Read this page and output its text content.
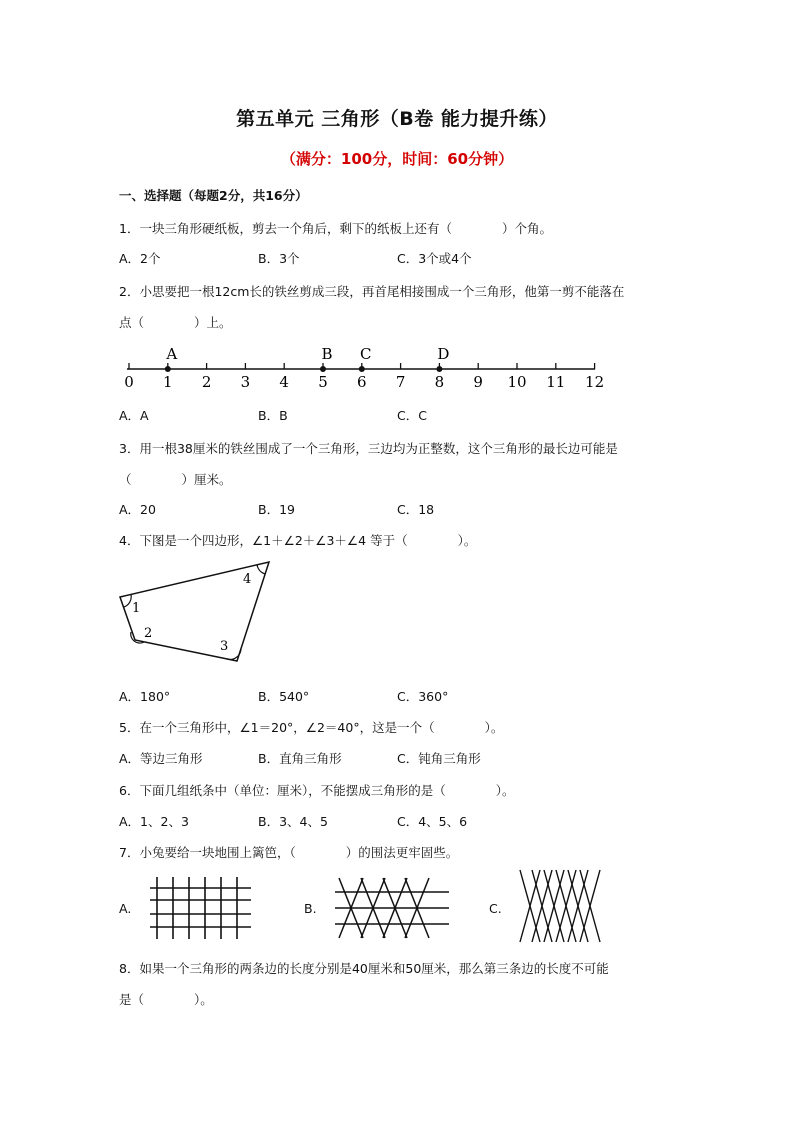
第五单元 三角形（B卷 能力提升练）
（满分：100分，时间：60分钟）
一、选择题（每题2分，共16分）
1．一块三角形硬纸板，剪去一个角后，剩下的纸板上还有（　　　　）个角。
A．2个	B．3个	C．3个或4个
2．小思要把一根12cm长的铁丝剪成三段，再首尾相接围成一个三角形，他第一剪不能落在
点（　　　　）上。
0 1 2 3 4 5 6 7 8 9 10 11 12
A	B C	D
A．A	B．B	C．C
3．用一根38厘米的铁丝围成了一个三角形，三边均为正整数，这个三角形的最长边可能是
（　　　　）厘米。
A．20	B．19	C．18
4．下图是一个四边形，∠1＋∠2＋∠3＋∠4 等于（　　　　）。
1
2
3
4
A．180°	B．540°	C．360°
5．在一个三角形中，∠1＝20°，∠2＝40°，这是一个（　　　　）。
A．等边三角形	B．直角三角形	C．钝角三角形
6．下面几组纸条中（单位：厘米），不能摆成三角形的是（　　　　）。
A．1、2、3	B．3、4、5	C．4、5、6
7．小兔要给一块地围上篱笆，（　　　　）的围法更牢固些。
A.	B.	C.
8．如果一个三角形的两条边的长度分别是40厘米和50厘米，那么第三条边的长度不可能
是（　　　　）。
